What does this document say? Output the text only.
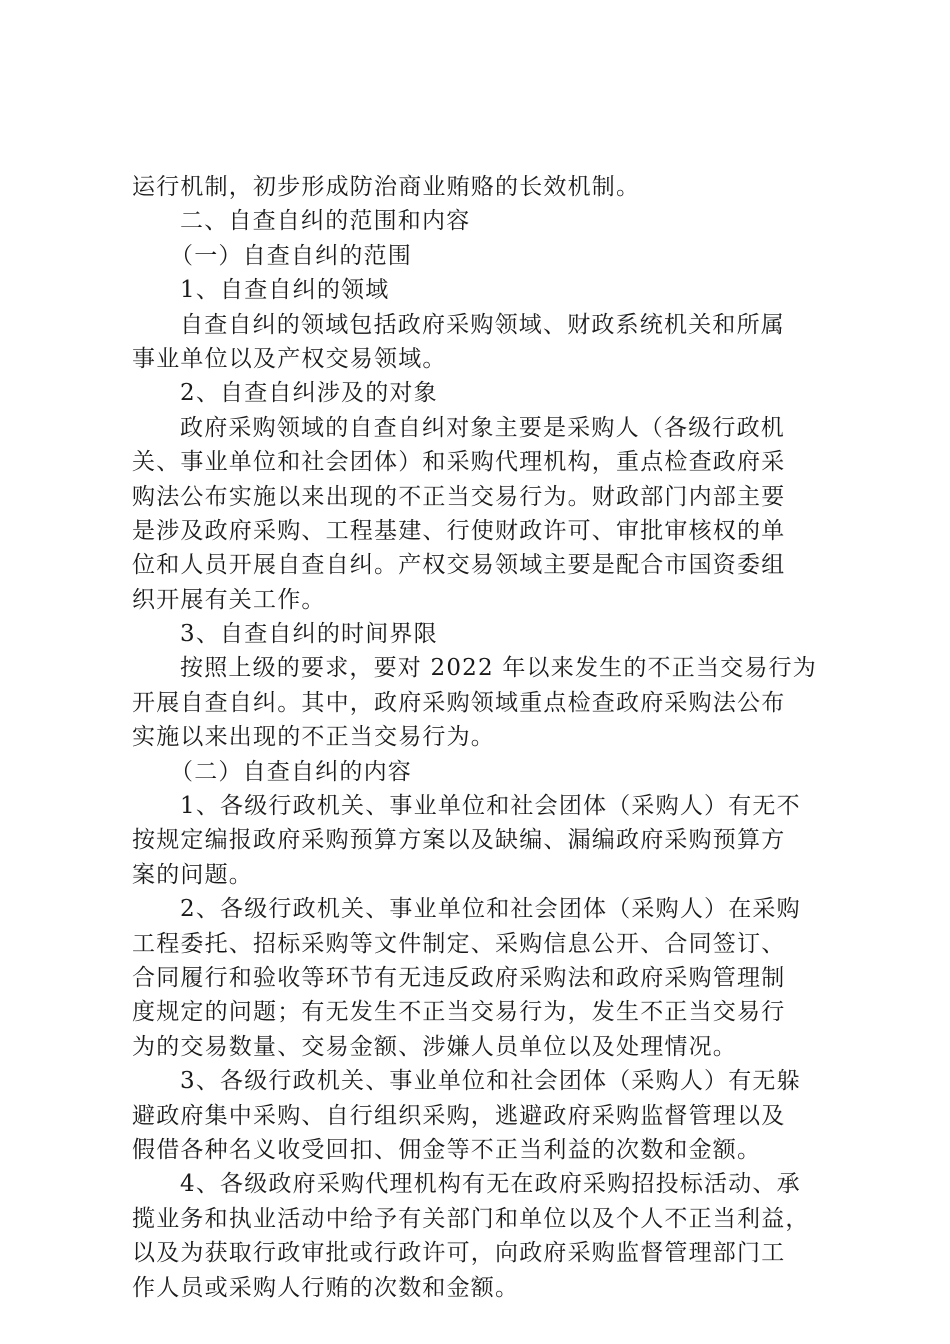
运行机制，初步形成防治商业贿赂的长效机制。
二、自查自纠的范围和内容
（一）自查自纠的范围
1、自查自纠的领域
自查自纠的领域包括政府采购领域、财政系统机关和所属
事业单位以及产权交易领域。
2、自查自纠涉及的对象
政府采购领域的自查自纠对象主要是采购人（各级行政机
关、事业单位和社会团体）和采购代理机构，重点检查政府采
购法公布实施以来出现的不正当交易行为。财政部门内部主要
是涉及政府采购、工程基建、行使财政许可、审批审核权的单
位和人员开展自查自纠。产权交易领域主要是配合市国资委组
织开展有关工作。
3、自查自纠的时间界限
按照上级的要求，要对 2022 年以来发生的不正当交易行为
开展自查自纠。其中，政府采购领域重点检查政府采购法公布
实施以来出现的不正当交易行为。
（二）自查自纠的内容
1、各级行政机关、事业单位和社会团体（采购人）有无不
按规定编报政府采购预算方案以及缺编、漏编政府采购预算方
案的问题。
2、各级行政机关、事业单位和社会团体（采购人）在采购
工程委托、招标采购等文件制定、采购信息公开、合同签订、
合同履行和验收等环节有无违反政府采购法和政府采购管理制
度规定的问题；有无发生不正当交易行为，发生不正当交易行
为的交易数量、交易金额、涉嫌人员单位以及处理情况。
3、各级行政机关、事业单位和社会团体（采购人）有无躲
避政府集中采购、自行组织采购，逃避政府采购监督管理以及
假借各种名义收受回扣、佣金等不正当利益的次数和金额。
4、各级政府采购代理机构有无在政府采购招投标活动、承
揽业务和执业活动中给予有关部门和单位以及个人不正当利益，
以及为获取行政审批或行政许可，向政府采购监督管理部门工
作人员或采购人行贿的次数和金额。
